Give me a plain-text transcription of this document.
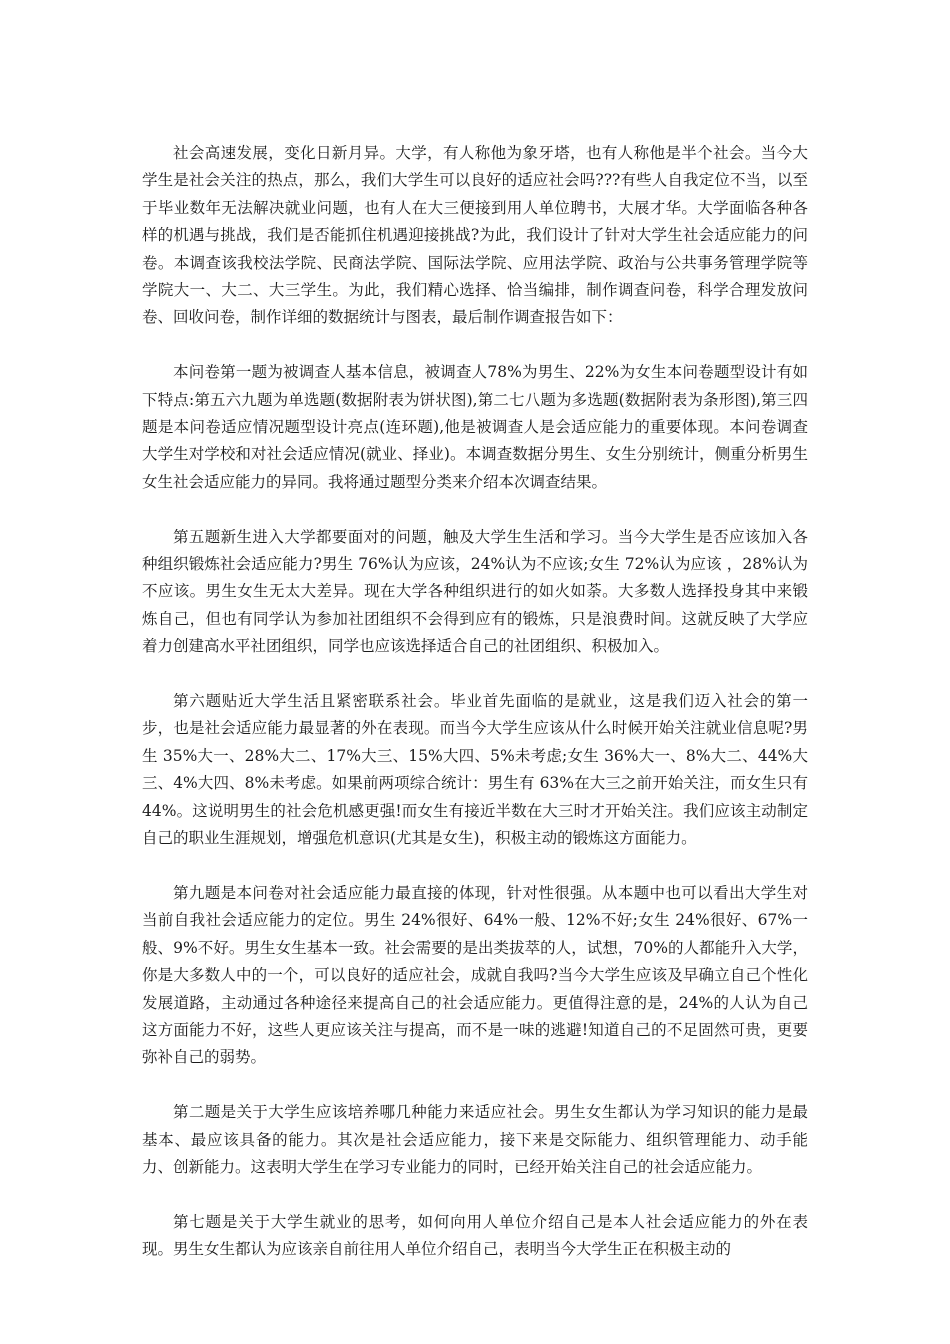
社会高速发展，变化日新月异。大学，有人称他为象牙塔，也有人称他是半个社会。当今大学生是社会关注的热点，那么，我们大学生可以良好的适应社会吗???有些人自我定位不当，以至于毕业数年无法解决就业问题，也有人在大三便接到用人单位聘书，大展才华。大学面临各种各样的机遇与挑战，我们是否能抓住机遇迎接挑战?为此，我们设计了针对大学生社会适应能力的问卷。本调查该我校法学院、民商法学院、国际法学院、应用法学院、政治与公共事务管理学院等学院大一、大二、大三学生。为此，我们精心选择、恰当编排，制作调查问卷，科学合理发放问卷、回收问卷，制作详细的数据统计与图表，最后制作调查报告如下：

本问卷第一题为被调查人基本信息，被调查人78%为男生、22%为女生本问卷题型设计有如下特点:第五六九题为单选题(数据附表为饼状图),第二七八题为多选题(数据附表为条形图),第三四题是本问卷适应情况题型设计亮点(连环题),他是被调查人是会适应能力的重要体现。本问卷调查大学生对学校和对社会适应情况(就业、择业)。本调查数据分男生、女生分别统计，侧重分析男生女生社会适应能力的异同。我将通过题型分类来介绍本次调查结果。

第五题新生进入大学都要面对的问题，触及大学生生活和学习。当今大学生是否应该加入各种组织锻炼社会适应能力?男生 76%认为应该，24%认为不应该;女生 72%认为应该 ，28%认为不应该。男生女生无太大差异。现在大学各种组织进行的如火如荼。大多数人选择投身其中来锻炼自己，但也有同学认为参加社团组织不会得到应有的锻炼，只是浪费时间。这就反映了大学应着力创建高水平社团组织，同学也应该选择适合自己的社团组织、积极加入。

第六题贴近大学生活且紧密联系社会。毕业首先面临的是就业，这是我们迈入社会的第一步，也是社会适应能力最显著的外在表现。而当今大学生应该从什么时候开始关注就业信息呢?男生 35%大一、28%大二、17%大三、15%大四、5%未考虑;女生 36%大一、8%大二、44%大三、4%大四、8%未考虑。如果前两项综合统计：男生有 63%在大三之前开始关注，而女生只有 44%。这说明男生的社会危机感更强!而女生有接近半数在大三时才开始关注。我们应该主动制定自己的职业生涯规划，增强危机意识(尤其是女生)，积极主动的锻炼这方面能力。

第九题是本问卷对社会适应能力最直接的体现，针对性很强。从本题中也可以看出大学生对当前自我社会适应能力的定位。男生 24%很好、64%一般、12%不好;女生 24%很好、67%一般、9%不好。男生女生基本一致。社会需要的是出类拔萃的人，试想，70%的人都能升入大学，你是大多数人中的一个，可以良好的适应社会，成就自我吗?当今大学生应该及早确立自己个性化发展道路，主动通过各种途径来提高自己的社会适应能力。更值得注意的是，24%的人认为自己这方面能力不好，这些人更应该关注与提高，而不是一味的逃避!知道自己的不足固然可贵，更要弥补自己的弱势。

第二题是关于大学生应该培养哪几种能力来适应社会。男生女生都认为学习知识的能力是最基本、最应该具备的能力。其次是社会适应能力，接下来是交际能力、组织管理能力、动手能力、创新能力。这表明大学生在学习专业能力的同时，已经开始关注自己的社会适应能力。

第七题是关于大学生就业的思考，如何向用人单位介绍自己是本人社会适应能力的外在表现。男生女生都认为应该亲自前往用人单位介绍自己，表明当今大学生正在积极主动的
